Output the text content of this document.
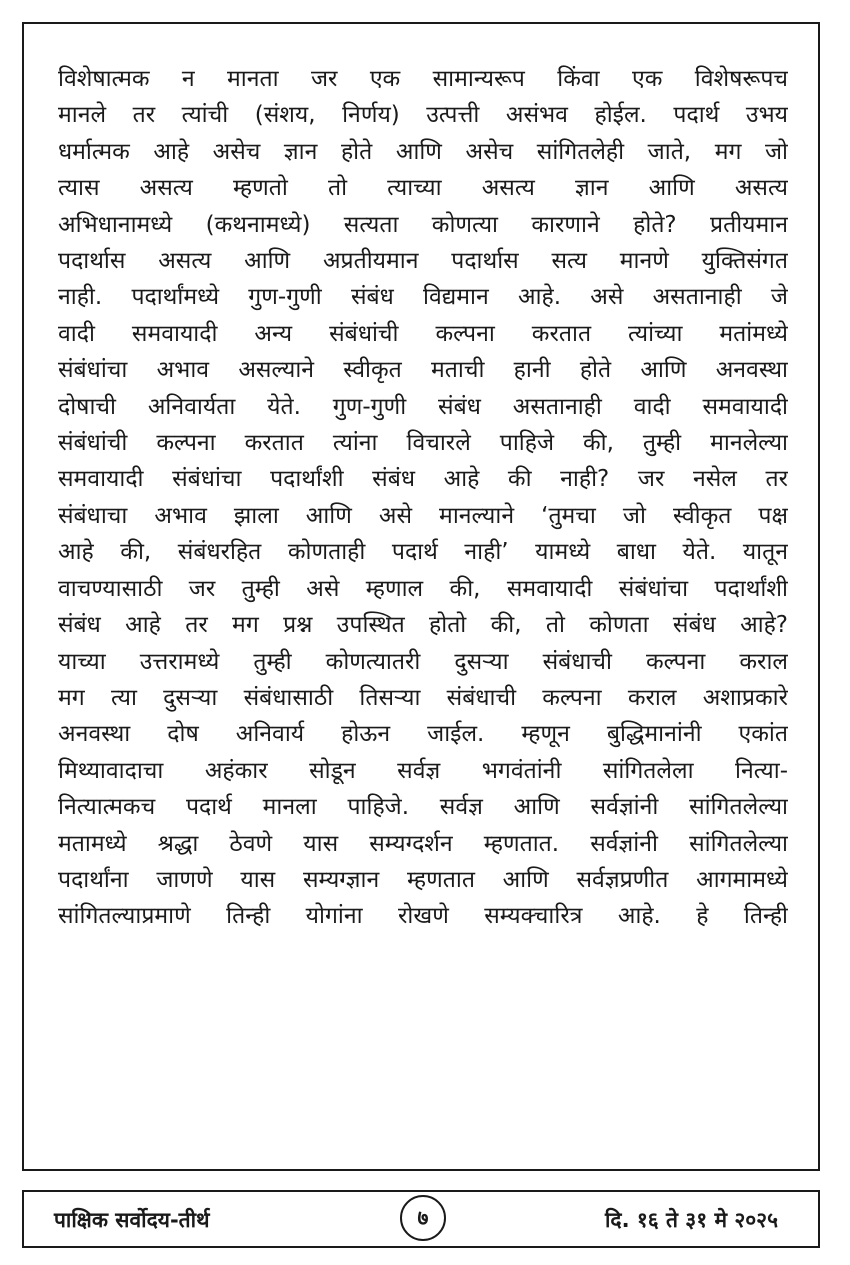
विशेषात्मक न मानता जर एक सामान्यरूप किंवा एक विशेषरूपच
मानले तर त्यांची (संशय, निर्णय) उत्पत्ती असंभव होईल. पदार्थ उभय
धर्मात्मक आहे असेच ज्ञान होते आणि असेच सांगितलेही जाते, मग जो
त्यास असत्य म्हणतो तो त्याच्या असत्य ज्ञान आणि असत्य
अभिधानामध्ये (कथनामध्ये) सत्यता कोणत्या कारणाने होते? प्रतीयमान
पदार्थास असत्य आणि अप्रतीयमान पदार्थास सत्य मानणे युक्तिसंगत
नाही. पदार्थांमध्ये गुण-गुणी संबंध विद्यमान आहे. असे असतानाही जे
वादी समवायादी अन्य संबंधांची कल्पना करतात त्यांच्या मतांमध्ये
संबंधांचा अभाव असल्याने स्वीकृत मताची हानी होते आणि अनवस्था
दोषाची अनिवार्यता येते. गुण-गुणी संबंध असतानाही वादी समवायादी
संबंधांची कल्पना करतात त्यांना विचारले पाहिजे की, तुम्ही मानलेल्या
समवायादी संबंधांचा पदार्थांशी संबंध आहे की नाही? जर नसेल तर
संबंधाचा अभाव झाला आणि असे मानल्याने ‘तुमचा जो स्वीकृत पक्ष
आहे की, संबंधरहित कोणताही पदार्थ नाही’ यामध्ये बाधा येते. यातून
वाचण्यासाठी जर तुम्ही असे म्हणाल की, समवायादी संबंधांचा पदार्थांशी
संबंध आहे तर मग प्रश्न उपस्थित होतो की, तो कोणता संबंध आहे?
याच्या उत्तरामध्ये तुम्ही कोणत्यातरी दुसऱ्या संबंधाची कल्पना कराल
मग त्या दुसऱ्या संबंधासाठी तिसऱ्या संबंधाची कल्पना कराल अशाप्रकारे
अनवस्था दोष अनिवार्य होऊन जाईल. म्हणून बुद्धिमानांनी एकांत
मिथ्यावादाचा अहंकार सोडून सर्वज्ञ भगवंतांनी सांगितलेला नित्या-
नित्यात्मकच पदार्थ मानला पाहिजे. सर्वज्ञ आणि सर्वज्ञांनी सांगितलेल्या
मतामध्ये श्रद्धा ठेवणे यास सम्यग्दर्शन म्हणतात. सर्वज्ञांनी सांगितलेल्या
पदार्थांना जाणणे यास सम्यग्ज्ञान म्हणतात आणि सर्वज्ञप्रणीत आगमामध्ये
सांगितल्याप्रमाणे तिन्ही योगांना रोखणे सम्यक्चारित्र आहे. हे तिन्ही
पाक्षिक सर्वोदय-तीर्थ	७	दि. १६ ते ३१ मे २०२५
